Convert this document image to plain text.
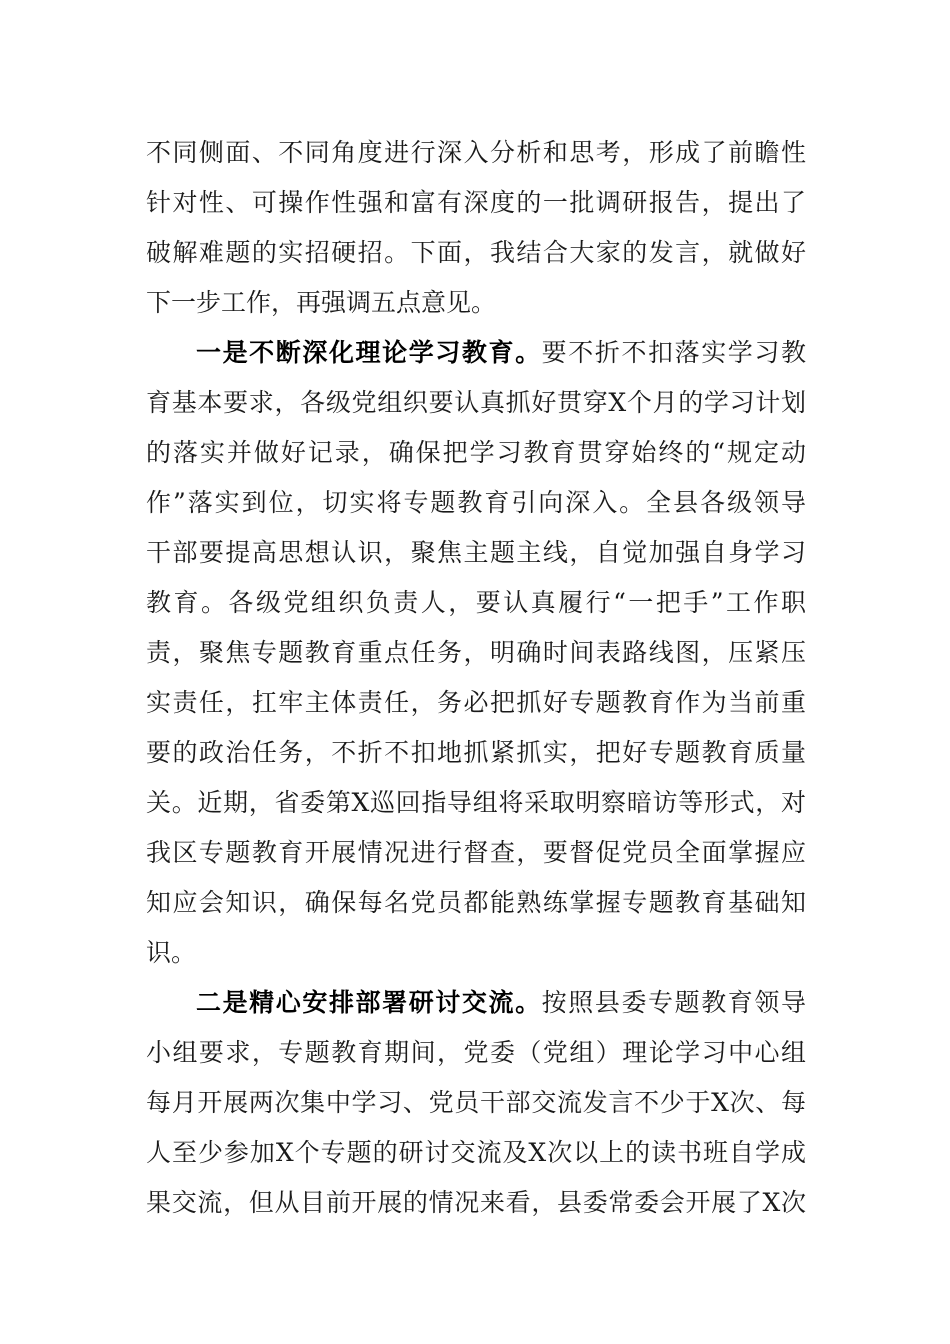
不同侧面、不同角度进行深入分析和思考，形成了前瞻性
针对性、可操作性强和富有深度的一批调研报告，提出了
破解难题的实招硬招。下面，我结合大家的发言，就做好
下一步工作，再强调五点意见。
一是不断深化理论学习教育。要不折不扣落实学习教
育基本要求，各级党组织要认真抓好贯穿X个月的学习计划
的落实并做好记录，确保把学习教育贯穿始终的“规定动
作”落实到位，切实将专题教育引向深入。全县各级领导
干部要提高思想认识，聚焦主题主线，自觉加强自身学习
教育。各级党组织负责人，要认真履行“一把手”工作职
责，聚焦专题教育重点任务，明确时间表路线图，压紧压
实责任，扛牢主体责任，务必把抓好专题教育作为当前重
要的政治任务，不折不扣地抓紧抓实，把好专题教育质量
关。近期，省委第X巡回指导组将采取明察暗访等形式，对
我区专题教育开展情况进行督查，要督促党员全面掌握应
知应会知识，确保每名党员都能熟练掌握专题教育基础知
识。
二是精心安排部署研讨交流。按照县委专题教育领导
小组要求，专题教育期间，党委（党组）理论学习中心组
每月开展两次集中学习、党员干部交流发言不少于X次、每
人至少参加X个专题的研讨交流及X次以上的读书班自学成
果交流，但从目前开展的情况来看，县委常委会开展了X次
